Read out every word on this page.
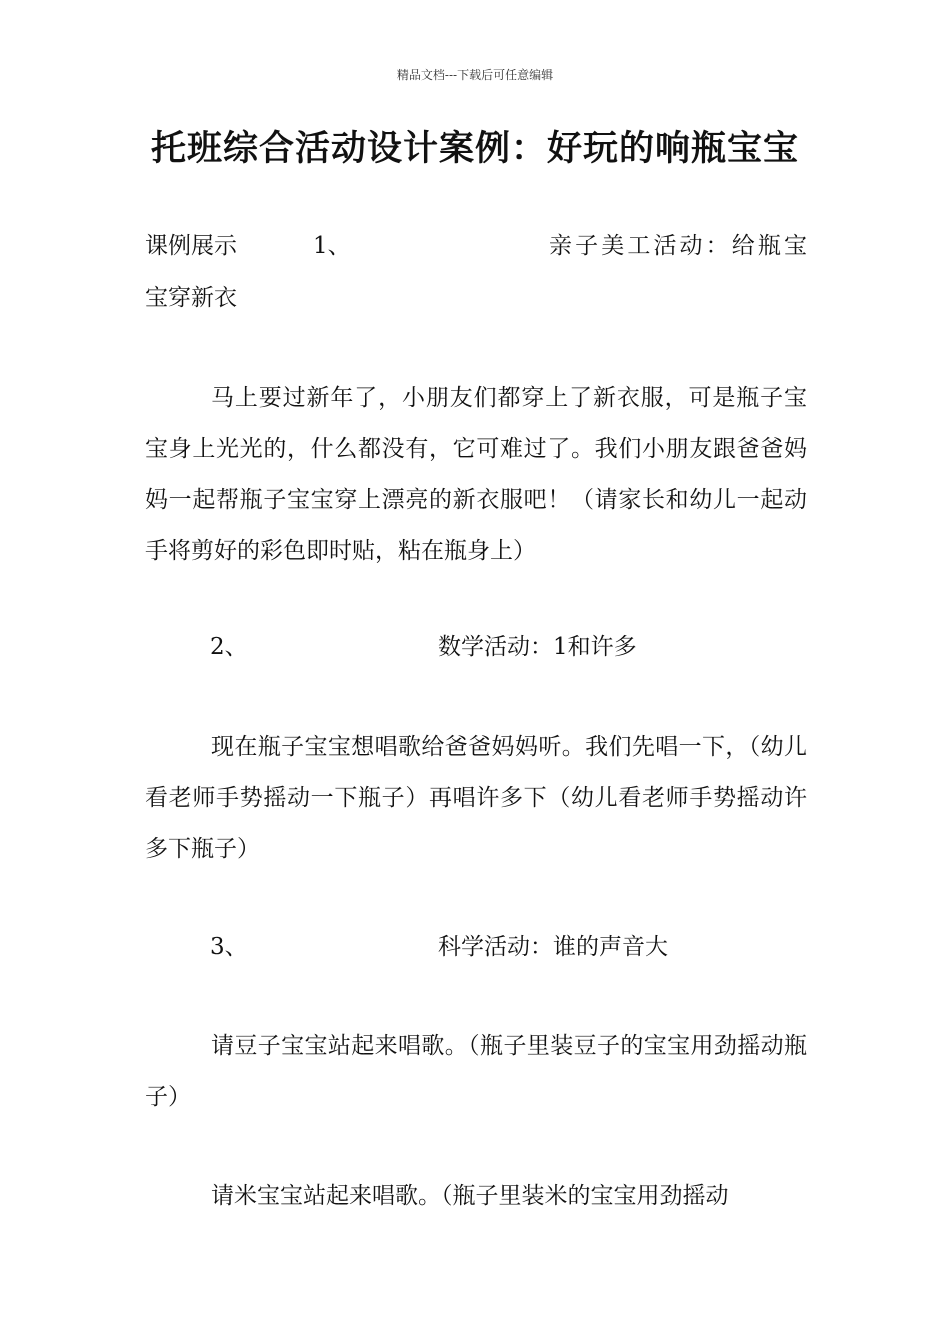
精品文档---下载后可任意编辑
托班综合活动设计案例：好玩的响瓶宝宝
课例展示	1、	亲子美工活动：给瓶宝
宝穿新衣

马上要过新年了，小朋友们都穿上了新衣服，可是瓶子宝宝身上光光的，什么都没有，它可难过了。我们小朋友跟爸爸妈妈一起帮瓶子宝宝穿上漂亮的新衣服吧！（请家长和幼儿一起动手将剪好的彩色即时贴，粘在瓶身上）

2、	数学活动：1和许多

现在瓶子宝宝想唱歌给爸爸妈妈听。我们先唱一下，（幼儿看老师手势摇动一下瓶子）再唱许多下（幼儿看老师手势摇动许多下瓶子）

3、	科学活动：谁的声音大

请豆子宝宝站起来唱歌。（瓶子里装豆子的宝宝用劲摇动瓶子）

请米宝宝站起来唱歌。（瓶子里装米的宝宝用劲摇动
